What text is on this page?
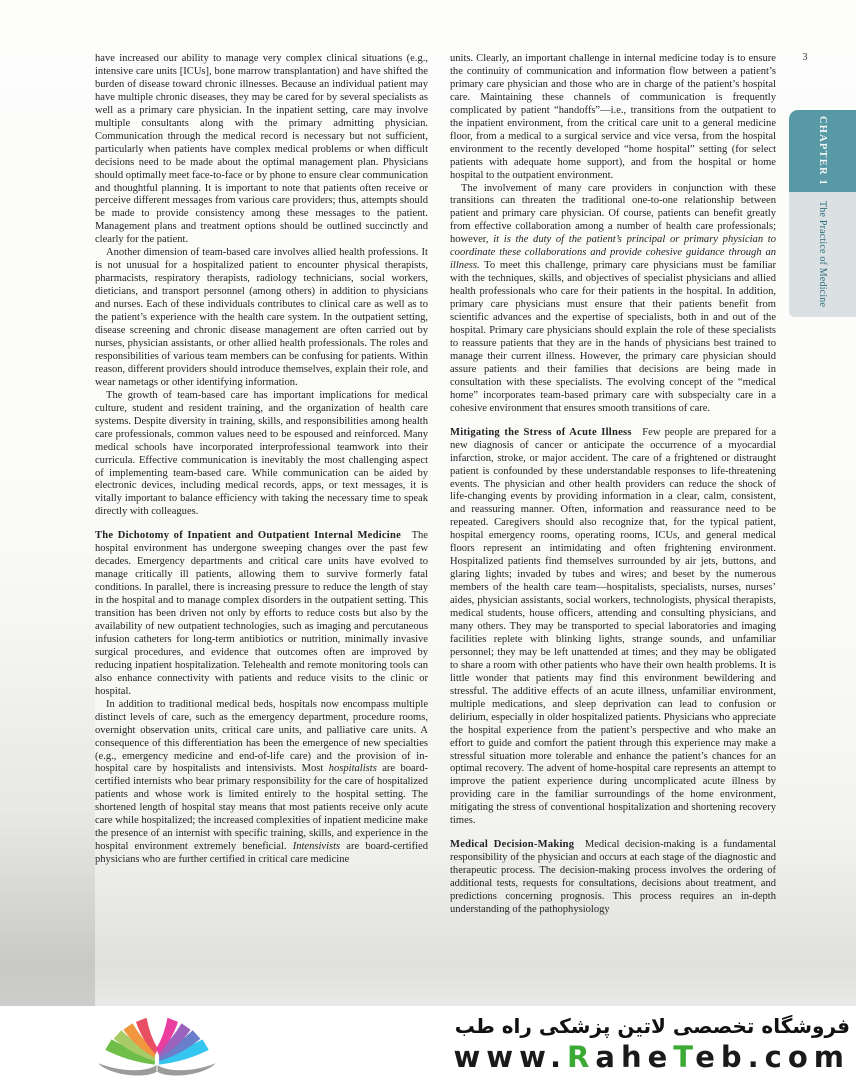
3
have increased our ability to manage very complex clinical situations (e.g., intensive care units [ICUs], bone marrow transplantation) and have shifted the burden of disease toward chronic illnesses. Because an individual patient may have multiple chronic diseases, they may be cared for by several specialists as well as a primary care physician. In the inpatient setting, care may involve multiple consultants along with the primary admitting physician. Communication through the medical record is necessary but not sufficient, particularly when patients have complex medical problems or when difficult decisions need to be made about the optimal management plan. Physicians should optimally meet face-to-face or by phone to ensure clear communication and thoughtful planning. It is important to note that patients often receive or perceive different messages from various care providers; thus, attempts should be made to provide consistency among these messages to the patient. Management plans and treatment options should be outlined succinctly and clearly for the patient.
Another dimension of team-based care involves allied health professions. It is not unusual for a hospitalized patient to encounter physical therapists, pharmacists, respiratory therapists, radiology technicians, social workers, dieticians, and transport personnel (among others) in addition to physicians and nurses. Each of these individuals contributes to clinical care as well as to the patient’s experience with the health care system. In the outpatient setting, disease screening and chronic disease management are often carried out by nurses, physician assistants, or other allied health professionals. The roles and responsibilities of various team members can be confusing for patients. Within reason, different providers should introduce themselves, explain their role, and wear nametags or other identifying information.
The growth of team-based care has important implications for medical culture, student and resident training, and the organization of health care systems. Despite diversity in training, skills, and responsibilities among health care professionals, common values need to be espoused and reinforced. Many medical schools have incorporated interprofessional teamwork into their curricula. Effective communication is inevitably the most challenging aspect of implementing team-based care. While communication can be aided by electronic devices, including medical records, apps, or text messages, it is vitally important to balance efficiency with taking the necessary time to speak directly with colleagues.
The Dichotomy of Inpatient and Outpatient Internal Medicine   The hospital environment has undergone sweeping changes over the past few decades. Emergency departments and critical care units have evolved to manage critically ill patients, allowing them to survive formerly fatal conditions. In parallel, there is increasing pressure to reduce the length of stay in the hospital and to manage complex disorders in the outpatient setting. This transition has been driven not only by efforts to reduce costs but also by the availability of new outpatient technologies, such as imaging and percutaneous infusion catheters for long-term antibiotics or nutrition, minimally invasive surgical procedures, and evidence that outcomes often are improved by reducing inpatient hospitalization. Telehealth and remote monitoring tools can also enhance connectivity with patients and reduce visits to the clinic or hospital.
In addition to traditional medical beds, hospitals now encompass multiple distinct levels of care, such as the emergency department, procedure rooms, overnight observation units, critical care units, and palliative care units. A consequence of this differentiation has been the emergence of new specialties (e.g., emergency medicine and end-of-life care) and the provision of in-hospital care by hospitalists and intensivists. Most hospitalists are board-certified internists who bear primary responsibility for the care of hospitalized patients and whose work is limited entirely to the hospital setting. The shortened length of hospital stay means that most patients receive only acute care while hospitalized; the increased complexities of inpatient medicine make the presence of an internist with specific training, skills, and experience in the hospital environment extremely beneficial. Intensivists are board-certified physicians who are further certified in critical care medicine
units. Clearly, an important challenge in internal medicine today is to ensure the continuity of communication and information flow between a patient’s primary care physician and those who are in charge of the patient’s hospital care. Maintaining these channels of communication is frequently complicated by patient “handoffs”—i.e., transitions from the outpatient to the inpatient environment, from the critical care unit to a general medicine floor, from a medical to a surgical service and vice versa, from the hospital environment to the recently developed “home hospital” setting (for select patients with adequate home support), and from the hospital or home hospital to the outpatient environment.
The involvement of many care providers in conjunction with these transitions can threaten the traditional one-to-one relationship between patient and primary care physician. Of course, patients can benefit greatly from effective collaboration among a number of health care professionals; however, it is the duty of the patient’s principal or primary physician to coordinate these collaborations and provide cohesive guidance through an illness. To meet this challenge, primary care physicians must be familiar with the techniques, skills, and objectives of specialist physicians and allied health professionals who care for their patients in the hospital. In addition, primary care physicians must ensure that their patients benefit from scientific advances and the expertise of specialists, both in and out of the hospital. Primary care physicians should explain the role of these specialists to reassure patients that they are in the hands of physicians best trained to manage their current illness. However, the primary care physician should assure patients and their families that decisions are being made in consultation with these specialists. The evolving concept of the “medical home” incorporates team-based primary care with subspecialty care in a cohesive environment that ensures smooth transitions of care.
Mitigating the Stress of Acute Illness   Few people are prepared for a new diagnosis of cancer or anticipate the occurrence of a myocardial infarction, stroke, or major accident. The care of a frightened or distraught patient is confounded by these understandable responses to life-threatening events. The physician and other health providers can reduce the shock of life-changing events by providing information in a clear, calm, consistent, and reassuring manner. Often, information and reassurance need to be repeated. Caregivers should also recognize that, for the typical patient, hospital emergency rooms, operating rooms, ICUs, and general medical floors represent an intimidating and often frightening environment. Hospitalized patients find themselves surrounded by air jets, buttons, and glaring lights; invaded by tubes and wires; and beset by the numerous members of the health care team—hospitalists, specialists, nurses, nurses’ aides, physician assistants, social workers, technologists, physical therapists, medical students, house officers, attending and consulting physicians, and many others. They may be transported to special laboratories and imaging facilities replete with blinking lights, strange sounds, and unfamiliar personnel; they may be left unattended at times; and they may be obligated to share a room with other patients who have their own health problems. It is little wonder that patients may find this environment bewildering and stressful. The additive effects of an acute illness, unfamiliar environment, multiple medications, and sleep deprivation can lead to confusion or delirium, especially in older hospitalized patients. Physicians who appreciate the hospital experience from the patient’s perspective and who make an effort to guide and comfort the patient through this experience may make a stressful situation more tolerable and enhance the patient’s chances for an optimal recovery. The advent of home-hospital care represents an attempt to improve the patient experience during uncomplicated acute illness by providing care in the familiar surroundings of the home environment, mitigating the stress of conventional hospitalization and shortening recovery times.
Medical Decision-Making   Medical decision-making is a fundamental responsibility of the physician and occurs at each stage of the diagnostic and therapeutic process. The decision-making process involves the ordering of additional tests, requests for consultations, decisions about treatment, and predictions concerning prognosis. This process requires an in-depth understanding of the pathophysiology
CHAPTER 1
The Practice of Medicine
فروشگاه تخصصی لاتین پزشکی راه طب
www.RaheTeb.com
